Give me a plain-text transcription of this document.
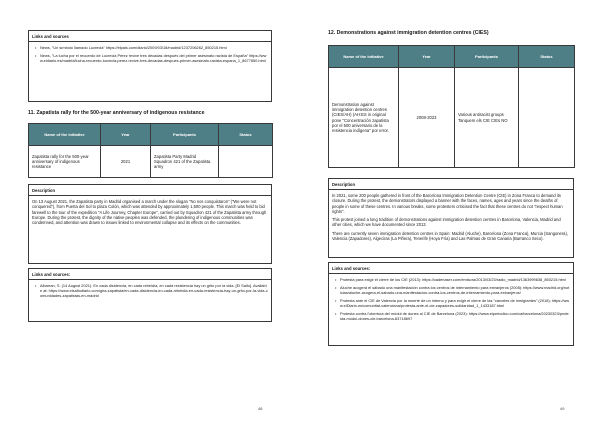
Links and sources
• News, "Un símbolo llamado Lucrecia" https://elpais.com/diario/2009/03/18/madrid/1237206262_850215.html
• News, "La lucha por el recuerdo de Lucrecia Pérez revive tres décadas después del primer asesinato racista de España" https://www.eldiario.es/madrid/lucha-recuerdo-lucrecia-perez-revive-tres-decadas-despues-primer-asesinato-racista-espana_1_8677850.html
11. Zapatista rally for the 500-year anniversary of indigenous resistance
Name of the initiative	Year	Participants	Status
Zapatista rally for the 500-year anniversary of indigenous resistance	2021	Zapatista Party Madrid Squadron 421 of the Zapatista army	
Description

On 13 August 2021, the Zapatista party in Madrid organised a march under the slogan "No nos conquistaron" ("We were not conquered"), from Puerta del Sol to plaza Colón, which was attended by approximately 1,500 people. This march was held to bid farewell to the tour of the expedition "A Life Journey, Chapter Europe", carried out by Squadron 421 of the Zapatista army through Europe. During the protest, the dignity of the native peoples was defended, the plundering of indigenous communities was condemned, and attention was drawn to issues linked to environmental collapse and its effects on the communities.

Links and sources:
• Albarran, S. (14 August 2021). En cada disidencia, en cada rebeldía, en cada resistencia hay un grito por la vida. [El Salto]. Available at: https://www.elsaltodiario.com/gira-zapatista/en-cada-disidencia-en-cada-rebeldia-en-cada-resistencia-hay-un-grito-por-la-vida-comunidades-zapatistas-en-madrid
48
12. Demonstrations against immigration detention centres (CIES)
Name of the initiative	Year	Participants	Status
Demonstration against immigration detention centres (CIES/AH) (AH:ES in original pone "Concentración zapatista por el 500 aniversario de la resistencia indígena" por error.	2008-2023	Various antiracist groups Tanquem els CIE CIEs NO	
Description

In 2021, some 200 people gathered in front of the Barcelona Immigration Detention Centre (CIE) in Zona Franca to demand its closure. During the protest, the demonstrators displayed a banner with the faces, names, ages and years since the deaths of people in some of these centres. In various breaks, some protesters criticised the fact that these centres do not "respect human rights".

This protest joined a long tradition of demonstrations against immigration detention centres in Barcelona, Valencia, Madrid and other cities, which we have documented since 2013.

There are currently seven immigration detention centres in Spain: Madrid (Aluche), Barcelona (Zona Franca), Murcia (Sangonera), Valencia (Zapadores), Algeciras (La Piñera), Tenerife (Hoya Fría) and Las Palmas de Gran Canaria (Barranco Seco).

Links and sources:
• Protesta para exigir el cierre de los CIE (2013): https://cadenaser.com/emisora/2013/03/23/radio_madrid/1363999838_850215.html
• Aluche acogerá el sábado una manifestación contra los centros de internamiento para extranjeros (2008): https://www.madrid.org/noticias/aluche-acogera-el-sabado-una-manifestacion-contra-los-centros-de-internamiento-para-extranjeros/
• Protesta ante el CIE de Valencia por la muerte de un interno y para exigir el cierre de las "cárceles de inmigrantes" (2018): https://www.elDiario.es/comunitat-valenciana/protesta-ante-el-cie-zapadores-solidaridad_1_1433187.html
• Protesta contra l'obertura del mòdul de dones al CIE de Barcelona (2023): https://www.elperiodico.com/ca/barcelona/20230323/protesta-modul-dones-cie-barcelona-83718697
49
